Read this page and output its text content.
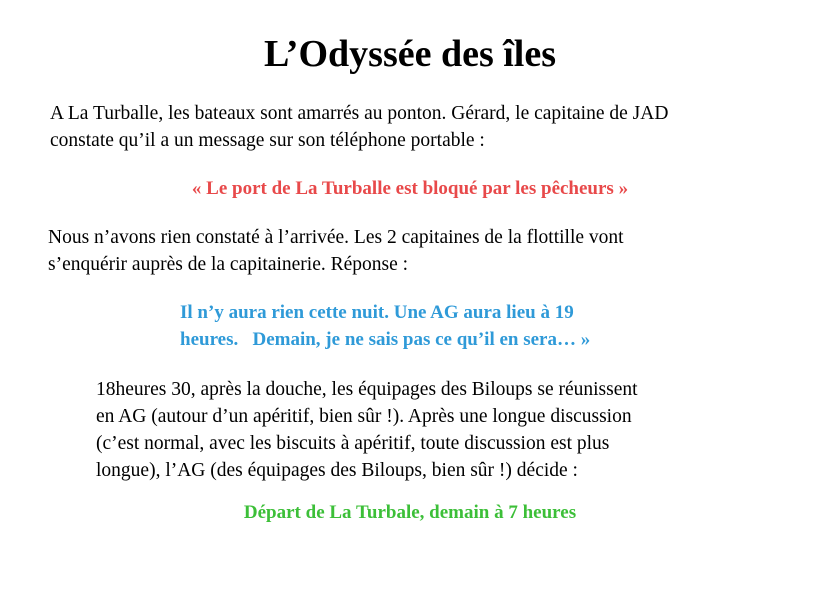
L’Odyssée des îles
A La Turballe, les bateaux sont amarrés au ponton. Gérard, le capitaine de JAD
constate qu’il a un message sur son téléphone portable :
« Le port de La Turballe est bloqué par les pêcheurs »
Nous n’avons rien constaté à l’arrivée. Les 2 capitaines de la flottille vont
s’enquérir auprès de la capitainerie. Réponse :
Il n’y aura rien cette nuit. Une AG aura lieu à 19
heures.   Demain, je ne sais pas ce qu’il en sera… »
18heures 30, après la douche, les équipages des Biloups se réunissent
en AG (autour d’un apéritif, bien sûr !). Après une longue discussion
(c’est normal, avec les biscuits à apéritif, toute discussion est plus
longue), l’AG (des équipages des Biloups, bien sûr !) décide :
Départ de La Turbale, demain à 7 heures
